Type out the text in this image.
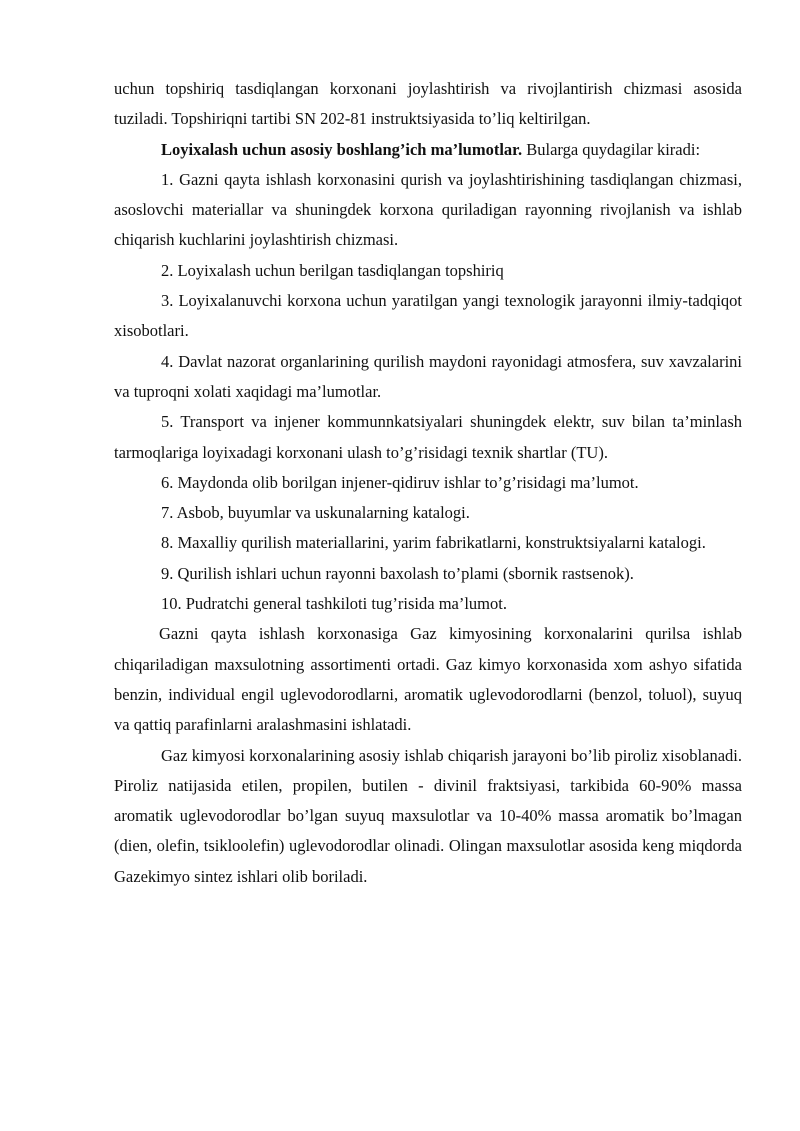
uchun topshiriq tasdiqlangan korxonani joylashtirish va rivojlantirish chizmasi asosida tuziladi. Topshiriqni tartibi SN 202-81 instruktsiyasida to’liq keltirilgan.

Loyixalash uchun asosiy boshlang’ich ma’lumotlar. Bularga quydagilar kiradi:

1. Gazni qayta ishlash korxonasini qurish va joylashtirishining tasdiqlangan chizmasi, asoslovchi materiallar va shuningdek korxona quriladigan rayonning rivojlanish va ishlab chiqarish kuchlarini joylashtirish chizmasi.

2. Loyixalash uchun berilgan tasdiqlangan topshiriq

3. Loyixalanuvchi korxona uchun yaratilgan yangi texnologik jarayonni ilmiy-tadqiqot xisobotlari.

4. Davlat nazorat organlarining qurilish maydoni rayonidagi atmosfera, suv xavzalarini va tuproqni xolati xaqidagi ma’lumotlar.

5. Transport va injener kommunnkatsiyalari shuningdek elektr, suv bilan ta’minlash tarmoqlariga loyixadagi korxonani ulash to’g’risidagi texnik shartlar (TU).

6. Maydonda olib borilgan injener-qidiruv ishlar to’g’risidagi ma’lumot.

7. Asbob, buyumlar va uskunalarning katalogi.

8. Maxalliy qurilish materiallarini, yarim fabrikatlarni, konstruktsiyalarni katalogi.

9. Qurilish ishlari uchun rayonni baxolash to’plami (sbornik rastsenok).

10. Pudratchi general tashkiloti tug’risida ma’lumot.

Gazni qayta ishlash korxonasiga Gaz kimyosining korxonalarini qurilsa ishlab chiqariladigan maxsulotning assortimenti ortadi. Gaz kimyo korxonasida xom ashyo sifatida benzin, individual engil uglevodorodlarni, aromatik uglevodorodlarni (benzol, toluol), suyuq va qattiq parafinlarni aralashmasini ishlatadi.

Gaz kimyosi korxonalarining asosiy ishlab chiqarish jarayoni bo’lib piroliz xisoblanadi. Piroliz natijasida etilen, propilen, butilen - divinil fraktsiyasi, tarkibida 60-90% massa aromatik uglevodorodlar bo’lgan suyuq maxsulotlar va 10-40% massa aromatik bo’lmagan (dien, olefin, tsikloolefin) uglevodorodlar olinadi. Olingan maxsulotlar asosida keng miqdorda Gazekimyo sintez ishlari olib boriladi.
